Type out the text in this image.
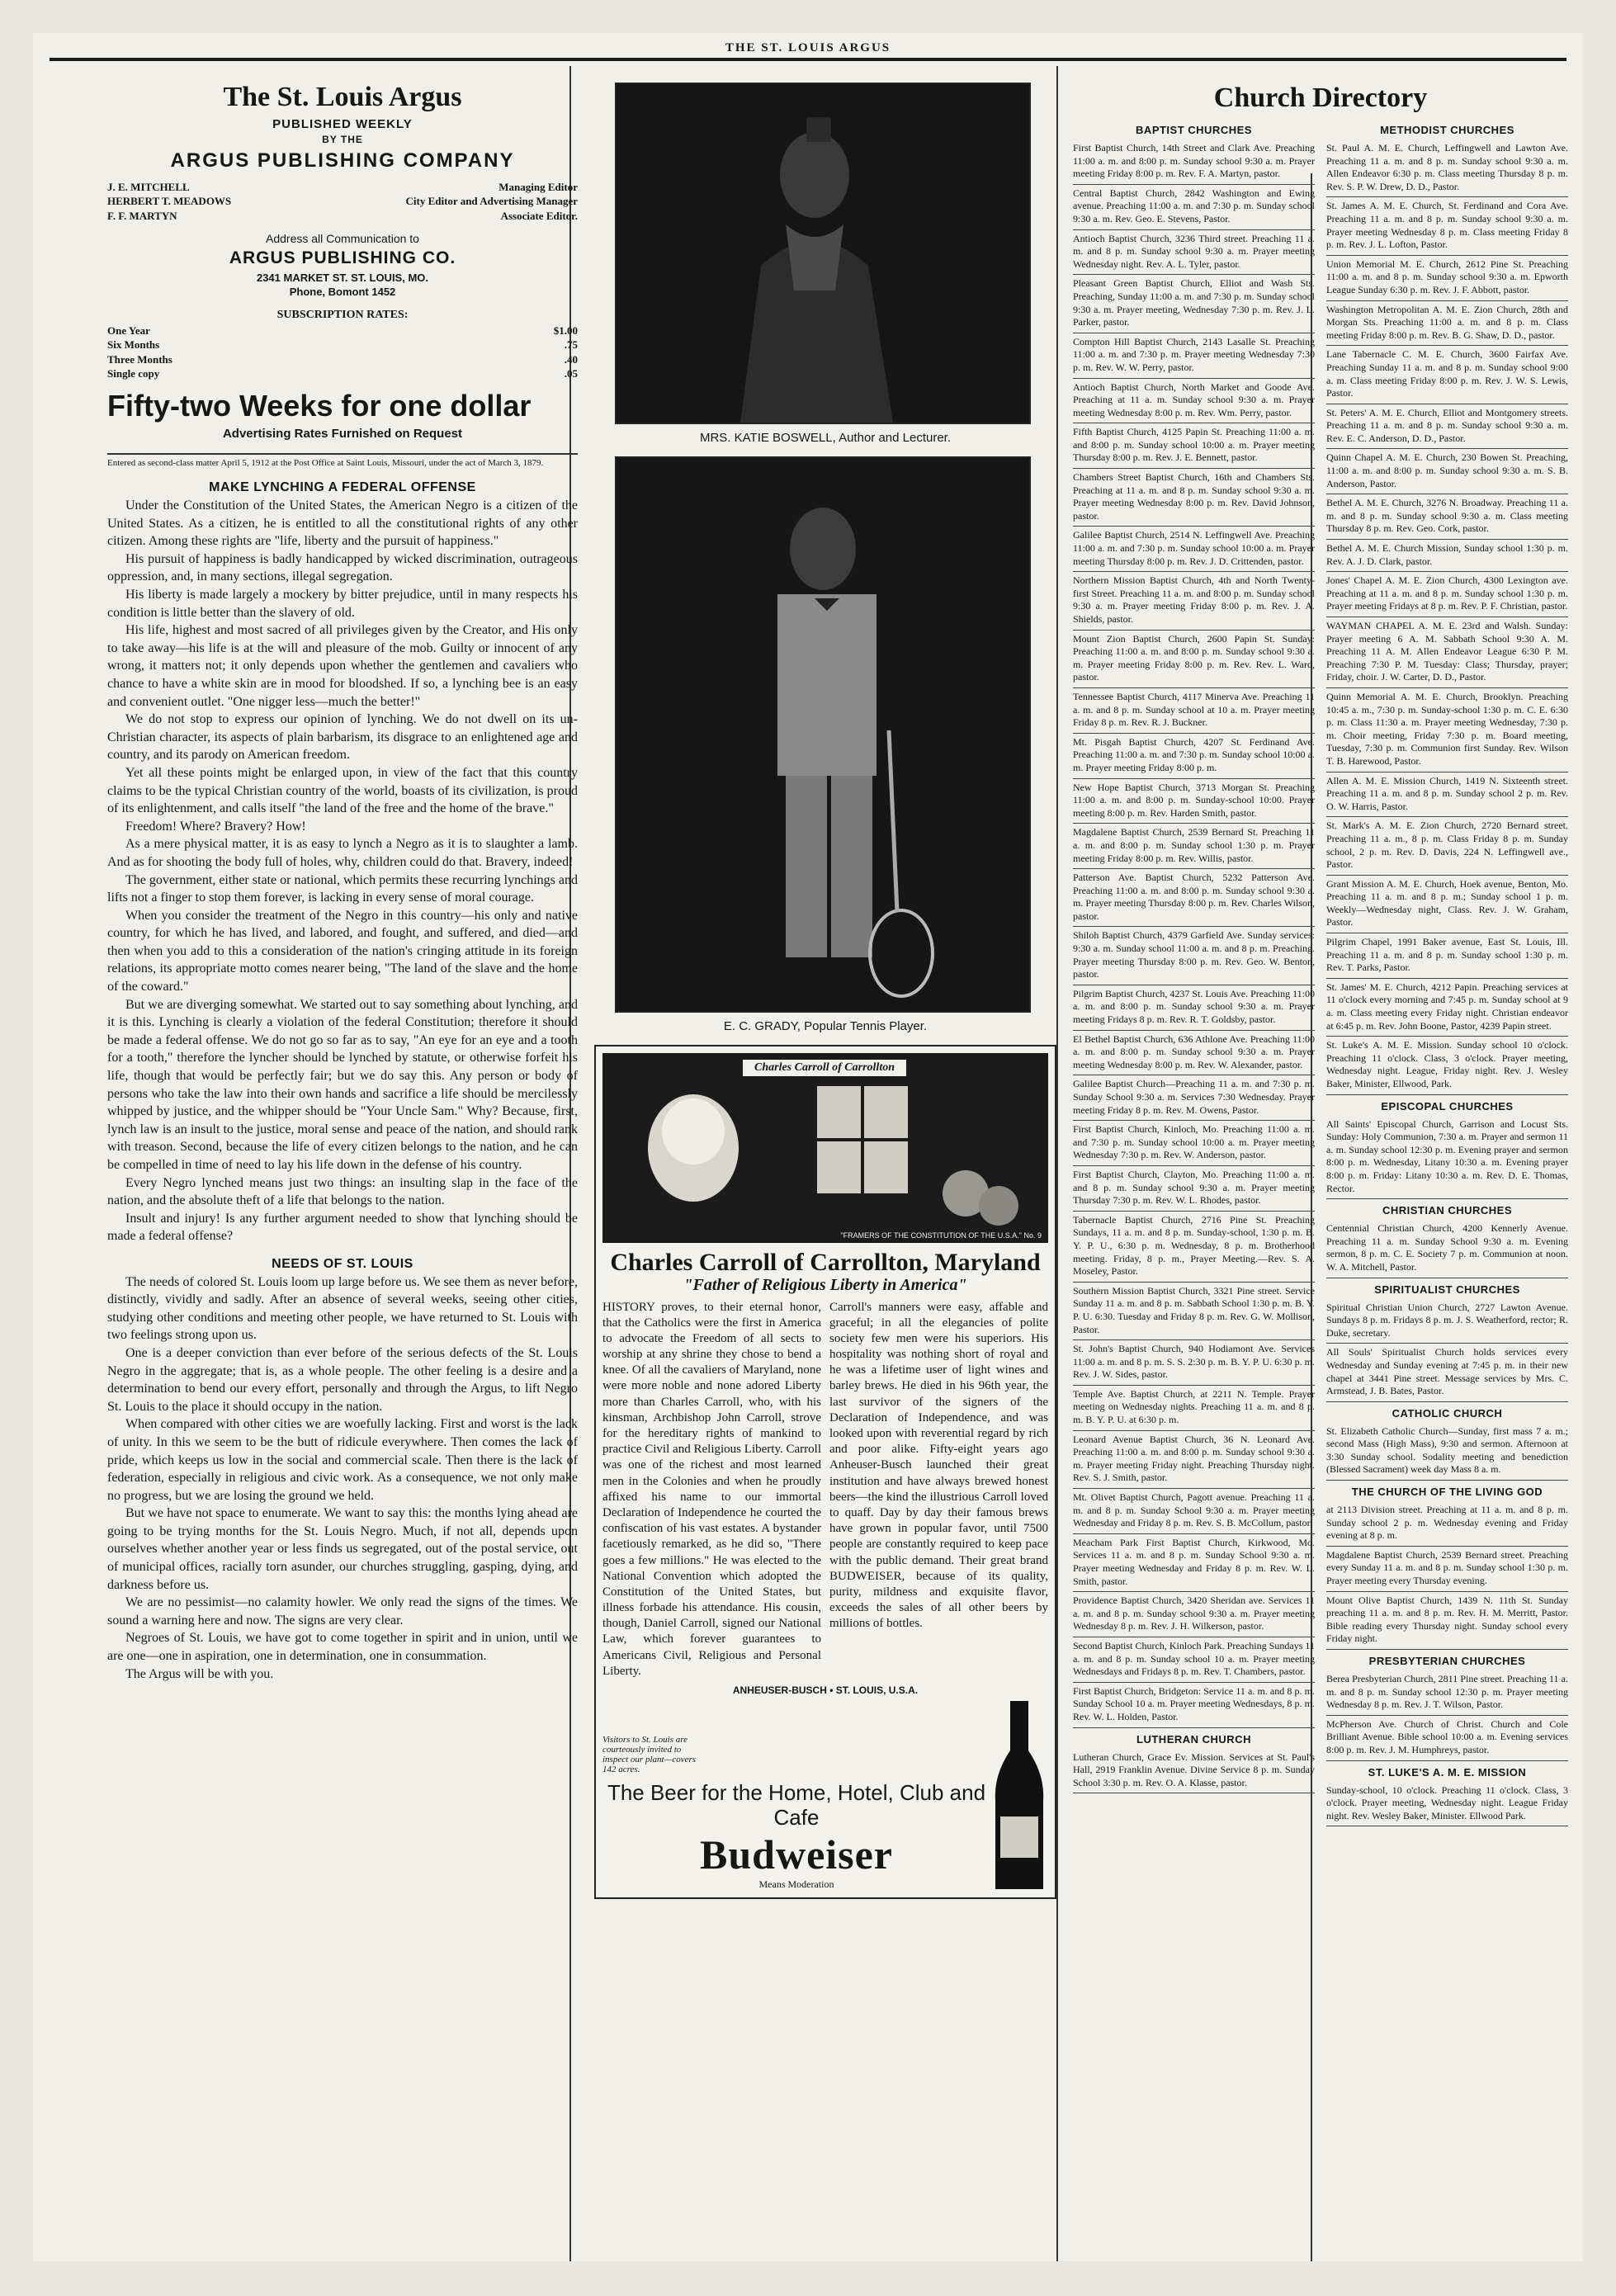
THE ST. LOUIS ARGUS
The St. Louis Argus
PUBLISHED WEEKLY
BY THE
ARGUS PUBLISHING COMPANY
J. E. MITCHELL	Managing Editor
HERBERT T. MEADOWS	City Editor and Advertising Manager
F. F. MARTYN	Associate Editor.
Address all Communication to
ARGUS PUBLISHING CO.
2341 MARKET ST. ST. LOUIS, MO.
Phone, Bomont 1452
SUBSCRIPTION RATES:
One Year	$1.00
Six Months	.75
Three Months	.40
Single copy	.05
Fifty-two Weeks for one dollar
Advertising Rates Furnished on Request
Entered as second-class matter April 5, 1912 at the Post Office at Saint Louis, Missouri, under the act of March 3, 1879.
MAKE LYNCHING A FEDERAL OFFENSE

Under the Constitution of the United States, the American Negro is a citizen of the United States. As a citizen, he is entitled to all the constitutional rights of any other citizen. Among these rights are "life, liberty and the pursuit of happiness."

His pursuit of happiness is badly handicapped by wicked discrimination, outrageous oppression, and, in many sections, illegal segregation.

His liberty is made largely a mockery by bitter prejudice, until in many respects his condition is little better than the slavery of old.

His life, highest and most sacred of all privileges given by the Creator, and His only to take away—his life is at the will and pleasure of the mob. Guilty or innocent of any wrong, it matters not; it only depends upon whether the gentlemen and cavaliers who chance to have a white skin are in mood for bloodshed. If so, a lynching bee is an easy and convenient outlet. "One nigger less—much the better!"

We do not stop to express our opinion of lynching. We do not dwell on its un-Christian character, its aspects of plain barbarism, its disgrace to an enlightened age and country, and its parody on American freedom.

Yet all these points might be enlarged upon, in view of the fact that this country claims to be the typical Christian country of the world, boasts of its civilization, is proud of its enlightenment, and calls itself "the land of the free and the home of the brave."

Freedom! Where? Bravery? How!

As a mere physical matter, it is as easy to lynch a Negro as it is to slaughter a lamb. And as for shooting the body full of holes, why, children could do that. Bravery, indeed!

The government, either state or national, which permits these recurring lynchings and lifts not a finger to stop them forever, is lacking in every sense of moral courage.

When you consider the treatment of the Negro in this country—his only and native country, for which he has lived, and labored, and fought, and suffered, and died—and then when you add to this a consideration of the nation's cringing attitude in its foreign relations, its appropriate motto comes nearer being, "The land of the slave and the home of the coward."

But we are diverging somewhat. We started out to say something about lynching, and it is this. Lynching is clearly a violation of the federal Constitution; therefore it should be made a federal offense. We do not go so far as to say, "An eye for an eye and a tooth for a tooth," therefore the lyncher should be lynched by statute, or otherwise forfeit his life, though that would be perfectly fair; but we do say this. Any person or body of persons who take the law into their own hands and sacrifice a life should be mercilessly whipped by justice, and the whipper should be "Your Uncle Sam." Why? Because, first, lynch law is an insult to the justice, moral sense and peace of the nation, and should rank with treason. Second, because the life of every citizen belongs to the nation, and he can be compelled in time of need to lay his life down in the defense of his country.

Every Negro lynched means just two things: an insulting slap in the face of the nation, and the absolute theft of a life that belongs to the nation.

Insult and injury! Is any further argument needed to show that lynching should be made a federal offense?

NEEDS OF ST. LOUIS

The needs of colored St. Louis loom up large before us. We see them as never before, distinctly, vividly and sadly. After an absence of several weeks, seeing other cities, studying other conditions and meeting other people, we have returned to St. Louis with two feelings strong upon us.

One is a deeper conviction than ever before of the serious defects of the St. Louis Negro in the aggregate; that is, as a whole people. The other feeling is a desire and a determination to bend our every effort, personally and through the Argus, to lift Negro St. Louis to the place it should occupy in the nation.

When compared with other cities we are woefully lacking. First and worst is the lack of unity. In this we seem to be the butt of ridicule everywhere. Then comes the lack of pride, which keeps us low in the social and commercial scale. Then there is the lack of federation, especially in religious and civic work. As a consequence, we not only make no progress, but we are losing the ground we held.

But we have not space to enumerate. We want to say this: the months lying ahead are going to be trying months for the St. Louis Negro. Much, if not all, depends upon ourselves whether another year or less finds us segregated, out of the postal service, out of municipal offices, racially torn asunder, our churches struggling, gasping, dying, and darkness before us.

We are no pessimist—no calamity howler. We only read the signs of the times. We sound a warning here and now. The signs are very clear.

Negroes of St. Louis, we have got to come together in spirit and in union, until we are one—one in aspiration, one in determination, one in consummation.

The Argus will be with you.

MRS. KATIE BOSWELL, Author and Lecturer.
E. C. GRADY, Popular Tennis Player.
Charles Carroll of Carrollton
"FRAMERS OF THE CONSTITUTION OF THE U.S.A." No. 9
Charles Carroll of Carrollton, Maryland
"Father of Religious Liberty in America"

HISTORY proves, to their eternal honor, that the Catholics were the first in America to advocate the Freedom of all sects to worship at any shrine they chose to bend a knee. Of all the cavaliers of Maryland, none were more noble and none adored Liberty more than Charles Carroll, who, with his kinsman, Archbishop John Carroll, strove for the hereditary rights of mankind to practice Civil and Religious Liberty. Carroll was one of the richest and most learned men in the Colonies and when he proudly affixed his name to our immortal Declaration of Independence he courted the confiscation of his vast estates. A bystander facetiously remarked, as he did so, "There goes a few millions." He was elected to the National Convention which adopted the Constitution of the United States, but illness forbade his attendance. His cousin, though, Daniel Carroll, signed our National Law, which forever guarantees to Americans Civil, Religious and Personal Liberty.

Carroll's manners were easy, affable and graceful; in all the elegancies of polite society few men were his superiors. His hospitality was nothing short of royal and he was a lifetime user of light wines and barley brews. He died in his 96th year, the last survivor of the signers of the Declaration of Independence, and was looked upon with reverential regard by rich and poor alike. Fifty-eight years ago Anheuser-Busch launched their great institution and have always brewed honest beers—the kind the illustrious Carroll loved to quaff. Day by day their famous brews have grown in popular favor, until 7500 people are constantly required to keep pace with the public demand. Their great brand BUDWEISER, because of its quality, purity, mildness and exquisite flavor, exceeds the sales of all other beers by millions of bottles.

ANHEUSER-BUSCH • ST. LOUIS, U.S.A.
Visitors to St. Louis are courteously invited to inspect our plant—covers 142 acres.
The Beer for the Home, Hotel, Club and Cafe
Budweiser
Means Moderation
Church Directory
BAPTIST CHURCHES
First Baptist Church, 14th Street and Clark Ave. Preaching 11:00 a. m. and 8:00 p. m. Sunday school 9:30 a. m. Prayer meeting Friday 8:00 p. m. Rev. F. A. Martyn, pastor.
Central Baptist Church, 2842 Washington and Ewing avenue. Preaching 11:00 a. m. and 7:30 p. m. Sunday school 9:30 a. m. Rev. Geo. E. Stevens, Pastor.
Antioch Baptist Church, 3236 Third street. Preaching 11 a. m. and 8 p. m. Sunday school 9:30 a. m. Prayer meeting Wednesday night. Rev. A. L. Tyler, pastor.
Pleasant Green Baptist Church, Elliot and Wash Sts. Preaching, Sunday 11:00 a. m. and 7:30 p. m. Sunday school 9:30 a. m. Prayer meeting, Wednesday 7:30 p. m. Rev. J. L. Parker, pastor.
Compton Hill Baptist Church, 2143 Lasalle St. Preaching 11:00 a. m. and 7:30 p. m. Prayer meeting Wednesday 7:30 p. m. Rev. W. W. Perry, pastor.
Antioch Baptist Church, North Market and Goode Ave. Preaching at 11 a. m. Sunday school 9:30 a. m. Prayer meeting Wednesday 8:00 p. m. Rev. Wm. Perry, pastor.
Fifth Baptist Church, 4125 Papin St. Preaching 11:00 a. m. and 8:00 p. m. Sunday school 10:00 a. m. Prayer meeting Thursday 8:00 p. m. Rev. J. E. Bennett, pastor.
Chambers Street Baptist Church, 16th and Chambers Sts. Preaching at 11 a. m. and 8 p. m. Sunday school 9:30 a. m. Prayer meeting Wednesday 8:00 p. m. Rev. David Johnson, pastor.
Galilee Baptist Church, 2514 N. Leffingwell Ave. Preaching 11:00 a. m. and 7:30 p. m. Sunday school 10:00 a. m. Prayer meeting Thursday 8:00 p. m. Rev. J. D. Crittenden, pastor.
Northern Mission Baptist Church, 4th and North Twenty-first Street. Preaching 11 a. m. and 8:00 p. m. Sunday school 9:30 a. m. Prayer meeting Friday 8:00 p. m. Rev. J. A. Shields, pastor.
Mount Zion Baptist Church, 2600 Papin St. Sunday: Preaching 11:00 a. m. and 8:00 p. m. Sunday school 9:30 a. m. Prayer meeting Friday 8:00 p. m. Rev. Rev. L. Ward, pastor.
Tennessee Baptist Church, 4117 Minerva Ave. Preaching 11 a. m. and 8 p. m. Sunday school at 10 a. m. Prayer meeting Friday 8 p. m. Rev. R. J. Buckner.
Mt. Pisgah Baptist Church, 4207 St. Ferdinand Ave. Preaching 11:00 a. m. and 7:30 p. m. Sunday school 10:00 a. m. Prayer meeting Friday 8:00 p. m.
New Hope Baptist Church, 3713 Morgan St. Preaching 11:00 a. m. and 8:00 p. m. Sunday-school 10:00. Prayer meeting 8:00 p. m. Rev. Harden Smith, pastor.
Magdalene Baptist Church, 2539 Bernard St. Preaching 11 a. m. and 8:00 p. m. Sunday school 1:30 p. m. Prayer meeting Friday 8:00 p. m. Rev. Willis, pastor.
Patterson Ave. Baptist Church, 5232 Patterson Ave. Preaching 11:00 a. m. and 8:00 p. m. Sunday school 9:30 a. m. Prayer meeting Thursday 8:00 p. m. Rev. Charles Wilson, pastor.
Shiloh Baptist Church, 4379 Garfield Ave. Sunday services: 9:30 a. m. Sunday school 11:00 a. m. and 8 p. m. Preaching. Prayer meeting Thursday 8:00 p. m. Rev. Geo. W. Benton, pastor.
Pilgrim Baptist Church, 4237 St. Louis Ave. Preaching 11:00 a. m. and 8:00 p. m. Sunday school 9:30 a. m. Prayer meeting Fridays 8 p. m. Rev. R. T. Goldsby, pastor.
El Bethel Baptist Church, 636 Athlone Ave. Preaching 11:00 a. m. and 8:00 p. m. Sunday school 9:30 a. m. Prayer meeting Wednesday 8:00 p. m. Rev. W. Alexander, pastor.
Galilee Baptist Church—Preaching 11 a. m. and 7:30 p. m. Sunday School 9:30 a. m. Services 7:30 Wednesday. Prayer meeting Friday 8 p. m. Rev. M. Owens, Pastor.
First Baptist Church, Kinloch, Mo. Preaching 11:00 a. m. and 7:30 p. m. Sunday school 10:00 a. m. Prayer meeting Wednesday 7:30 p. m. Rev. W. Anderson, pastor.
First Baptist Church, Clayton, Mo. Preaching 11:00 a. m. and 8 p. m. Sunday school 9:30 a. m. Prayer meeting Thursday 7:30 p. m. Rev. W. L. Rhodes, pastor.
Tabernacle Baptist Church, 2716 Pine St. Preaching Sundays, 11 a. m. and 8 p. m. Sunday-school, 1:30 p. m. B. Y. P. U., 6:30 p. m. Wednesday, 8 p. m. Brotherhood meeting. Friday, 8 p. m., Prayer Meeting.—Rev. S. A. Moseley, Pastor.
Southern Mission Baptist Church, 3321 Pine street. Service Sunday 11 a. m. and 8 p. m. Sabbath School 1:30 p. m. B. Y. P. U. 6:30. Tuesday and Friday 8 p. m. Rev. G. W. Mollison, Pastor.
St. John's Baptist Church, 940 Hodiamont Ave. Services 11:00 a. m. and 8 p. m. S. S. 2:30 p. m. B. Y. P. U. 6:30 p. m. Rev. J. W. Sides, pastor.
Temple Ave. Baptist Church, at 2211 N. Temple. Prayer meeting on Wednesday nights. Preaching 11 a. m. and 8 p. m. B. Y. P. U. at 6:30 p. m.
Leonard Avenue Baptist Church, 36 N. Leonard Ave. Preaching 11:00 a. m. and 8:00 p. m. Sunday school 9:30 a. m. Prayer meeting Friday night. Preaching Thursday night. Rev. S. J. Smith, pastor.
Mt. Olivet Baptist Church, Pagott avenue. Preaching 11 a. m. and 8 p. m. Sunday School 9:30 a. m. Prayer meeting Wednesday and Friday 8 p. m. Rev. S. B. McCollum, pastor.
Meacham Park First Baptist Church, Kirkwood, Mo. Services 11 a. m. and 8 p. m. Sunday School 9:30 a. m. Prayer meeting Wednesday and Friday 8 p. m. Rev. W. L. Smith, pastor.
Providence Baptist Church, 3420 Sheridan ave. Services 11 a. m. and 8 p. m. Sunday school 9:30 a. m. Prayer meeting Wednesday 8 p. m. Rev. J. H. Wilkerson, pastor.
Second Baptist Church, Kinloch Park. Preaching Sundays 11 a. m. and 8 p. m. Sunday school 10 a. m. Prayer meeting Wednesdays and Fridays 8 p. m. Rev. T. Chambers, pastor.
First Baptist Church, Bridgeton: Service 11 a. m. and 8 p. m. Sunday School 10 a. m. Prayer meeting Wednesdays, 8 p. m. Rev. W. L. Holden, Pastor.
LUTHERAN CHURCH
Lutheran Church, Grace Ev. Mission. Services at St. Paul's Hall, 2919 Franklin Avenue. Divine Service 8 p. m. Sunday School 3:30 p. m. Rev. O. A. Klasse, pastor.
METHODIST CHURCHES
St. Paul A. M. E. Church, Leffingwell and Lawton Ave. Preaching 11 a. m. and 8 p. m. Sunday school 9:30 a. m. Allen Endeavor 6:30 p. m. Class meeting Thursday 8 p. m. Rev. S. P. W. Drew, D. D., Pastor.
St. James A. M. E. Church, St. Ferdinand and Cora Ave. Preaching 11 a. m. and 8 p. m. Sunday school 9:30 a. m. Prayer meeting Wednesday 8 p. m. Class meeting Friday 8 p. m. Rev. J. L. Lofton, Pastor.
Union Memorial M. E. Church, 2612 Pine St. Preaching 11:00 a. m. and 8 p. m. Sunday school 9:30 a. m. Epworth League Sunday 6:30 p. m. Rev. J. F. Abbott, pastor.
Washington Metropolitan A. M. E. Zion Church, 28th and Morgan Sts. Preaching 11:00 a. m. and 8 p. m. Class meeting Friday 8:00 p. m. Rev. B. G. Shaw, D. D., pastor.
Lane Tabernacle C. M. E. Church, 3600 Fairfax Ave. Preaching Sunday 11 a. m. and 8 p. m. Sunday school 9:00 a. m. Class meeting Friday 8:00 p. m. Rev. J. W. S. Lewis, Pastor.
St. Peters' A. M. E. Church, Elliot and Montgomery streets. Preaching 11 a. m. and 8 p. m. Sunday school 9:30 a. m. Rev. E. C. Anderson, D. D., Pastor.
Quinn Chapel A. M. E. Church, 230 Bowen St. Preaching, 11:00 a. m. and 8:00 p. m. Sunday school 9:30 a. m. S. B. Anderson, Pastor.
Bethel A. M. E. Church, 3276 N. Broadway. Preaching 11 a. m. and 8 p. m. Sunday school 9:30 a. m. Class meeting Thursday 8 p. m. Rev. Geo. Cork, pastor.
Bethel A. M. E. Church Mission, Sunday school 1:30 p. m. Rev. A. J. D. Clark, pastor.
Jones' Chapel A. M. E. Zion Church, 4300 Lexington ave. Preaching at 11 a. m. and 8 p. m. Sunday school 1:30 p. m. Prayer meeting Fridays at 8 p. m. Rev. P. F. Christian, pastor.
WAYMAN CHAPEL A. M. E. 23rd and Walsh. Sunday: Prayer meeting 6 A. M. Sabbath School 9:30 A. M. Preaching 11 A. M. Allen Endeavor League 6:30 P. M. Preaching 7:30 P. M. Tuesday: Class; Thursday, prayer; Friday, choir. J. W. Carter, D. D., Pastor.
Quinn Memorial A. M. E. Church, Brooklyn. Preaching 10:45 a. m., 7:30 p. m. Sunday-school 1:30 p. m. C. E. 6:30 p. m. Class 11:30 a. m. Prayer meeting Wednesday, 7:30 p. m. Choir meeting, Friday 7:30 p. m. Board meeting, Tuesday, 7:30 p. m. Communion first Sunday. Rev. Wilson T. B. Harewood, Pastor.
Allen A. M. E. Mission Church, 1419 N. Sixteenth street. Preaching 11 a. m. and 8 p. m. Sunday school 2 p. m. Rev. O. W. Harris, Pastor.
St. Mark's A. M. E. Zion Church, 2720 Bernard street. Preaching 11 a. m., 8 p. m. Class Friday 8 p. m. Sunday school, 2 p. m. Rev. D. Davis, 224 N. Leffingwell ave., Pastor.
Grant Mission A. M. E. Church, Hoek avenue, Benton, Mo. Preaching 11 a. m. and 8 p. m.; Sunday school 1 p. m. Weekly—Wednesday night, Class. Rev. J. W. Graham, Pastor.
Pilgrim Chapel, 1991 Baker avenue, East St. Louis, Ill. Preaching 11 a. m. and 8 p. m. Sunday school 1:30 p. m. Rev. T. Parks, Pastor.
St. James' M. E. Church, 4212 Papin. Preaching services at 11 o'clock every morning and 7:45 p. m. Sunday school at 9 a. m. Class meeting every Friday night. Christian endeavor at 6:45 p. m. Rev. John Boone, Pastor, 4239 Papin street.
St. Luke's A. M. E. Mission. Sunday school 10 o'clock. Preaching 11 o'clock. Class, 3 o'clock. Prayer meeting, Wednesday night. League, Friday night. Rev. J. Wesley Baker, Minister, Ellwood, Park.
EPISCOPAL CHURCHES
All Saints' Episcopal Church, Garrison and Locust Sts. Sunday: Holy Communion, 7:30 a. m. Prayer and sermon 11 a. m. Sunday school 12:30 p. m. Evening prayer and sermon 8:00 p. m. Wednesday, Litany 10:30 a. m. Evening prayer 8:00 p. m. Friday: Litany 10:30 a. m. Rev. D. E. Thomas, Rector.
CHRISTIAN CHURCHES
Centennial Christian Church, 4200 Kennerly Avenue. Preaching 11 a. m. Sunday School 9:30 a. m. Evening sermon, 8 p. m. C. E. Society 7 p. m. Communion at noon. W. A. Mitchell, Pastor.
SPIRITUALIST CHURCHES
Spiritual Christian Union Church, 2727 Lawton Avenue. Sundays 8 p. m. Fridays 8 p. m. J. S. Weatherford, rector; R. Duke, secretary.
All Souls' Spiritualist Church holds services every Wednesday and Sunday evening at 7:45 p. m. in their new chapel at 3441 Pine street. Message services by Mrs. C. Armstead, J. B. Bates, Pastor.
CATHOLIC CHURCH
St. Elizabeth Catholic Church—Sunday, first mass 7 a. m.; second Mass (High Mass), 9:30 and sermon. Afternoon at 3:30 Sunday school. Sodality meeting and benediction (Blessed Sacrament) week day Mass 8 a. m.
THE CHURCH OF THE LIVING GOD
at 2113 Division street. Preaching at 11 a. m. and 8 p. m. Sunday school 2 p. m. Wednesday evening and Friday evening at 8 p. m.
Magdalene Baptist Church, 2539 Bernard street. Preaching every Sunday 11 a. m. and 8 p. m. Sunday school 1:30 p. m. Prayer meeting every Thursday evening.
Mount Olive Baptist Church, 1439 N. 11th St. Sunday preaching 11 a. m. and 8 p. m. Rev. H. M. Merritt, Pastor. Bible reading every Thursday night. Sunday school every Friday night.
PRESBYTERIAN CHURCHES
Berea Presbyterian Church, 2811 Pine street. Preaching 11 a. m. and 8 p. m. Sunday school 12:30 p. m. Prayer meeting Wednesday 8 p. m. Rev. J. T. Wilson, Pastor.
McPherson Ave. Church of Christ. Church and Cole Brilliant Avenue. Bible school 10:00 a. m. Evening services 8:00 p. m. Rev. J. M. Humphreys, pastor.
ST. LUKE'S A. M. E. MISSION
Sunday-school, 10 o'clock. Preaching 11 o'clock. Class, 3 o'clock. Prayer meeting, Wednesday night. League Friday night. Rev. Wesley Baker, Minister. Ellwood Park.
